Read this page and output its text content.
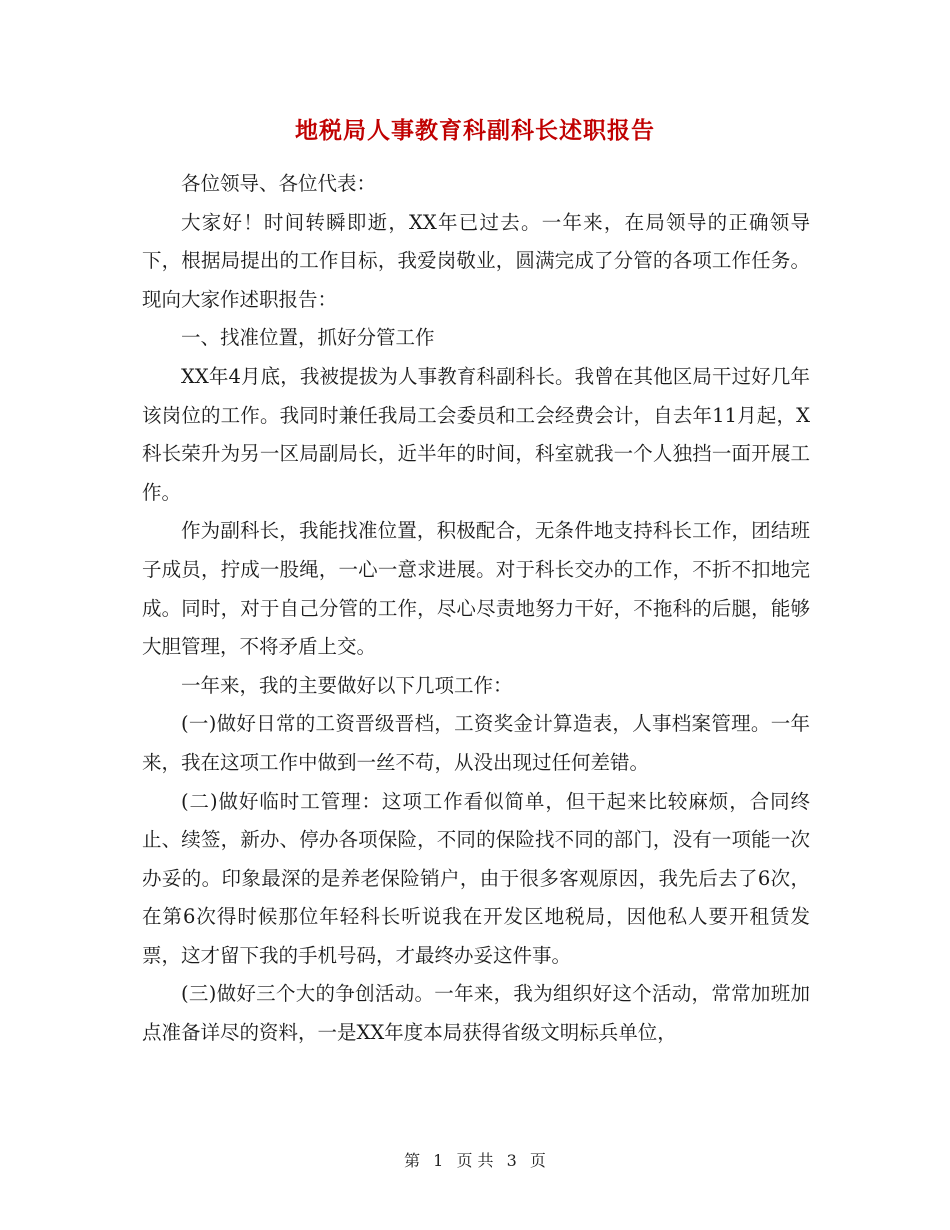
地税局人事教育科副科长述职报告

各位领导、各位代表：

大家好！时间转瞬即逝，XX年已过去。一年来，在局领导的正确领导下，根据局提出的工作目标，我爱岗敬业，圆满完成了分管的各项工作任务。现向大家作述职报告：

一、找准位置，抓好分管工作

XX年4月底，我被提拔为人事教育科副科长。我曾在其他区局干过好几年该岗位的工作。我同时兼任我局工会委员和工会经费会计，自去年11月起，X科长荣升为另一区局副局长，近半年的时间，科室就我一个人独挡一面开展工作。

作为副科长，我能找准位置，积极配合，无条件地支持科长工作，团结班子成员，拧成一股绳，一心一意求进展。对于科长交办的工作，不折不扣地完成。同时，对于自己分管的工作，尽心尽责地努力干好，不拖科的后腿，能够大胆管理，不将矛盾上交。

一年来，我的主要做好以下几项工作：

(一)做好日常的工资晋级晋档，工资奖金计算造表，人事档案管理。一年来，我在这项工作中做到一丝不苟，从没出现过任何差错。

(二)做好临时工管理：这项工作看似简单，但干起来比较麻烦，合同终止、续签，新办、停办各项保险，不同的保险找不同的部门，没有一项能一次办妥的。印象最深的是养老保险销户，由于很多客观原因，我先后去了6次，在第6次得时候那位年轻科长听说我在开发区地税局，因他私人要开租赁发票，这才留下我的手机号码，才最终办妥这件事。

(三)做好三个大的争创活动。一年来，我为组织好这个活动，常常加班加点准备详尽的资料，一是XX年度本局获得省级文明标兵单位，

第 1 页 共 3 页
